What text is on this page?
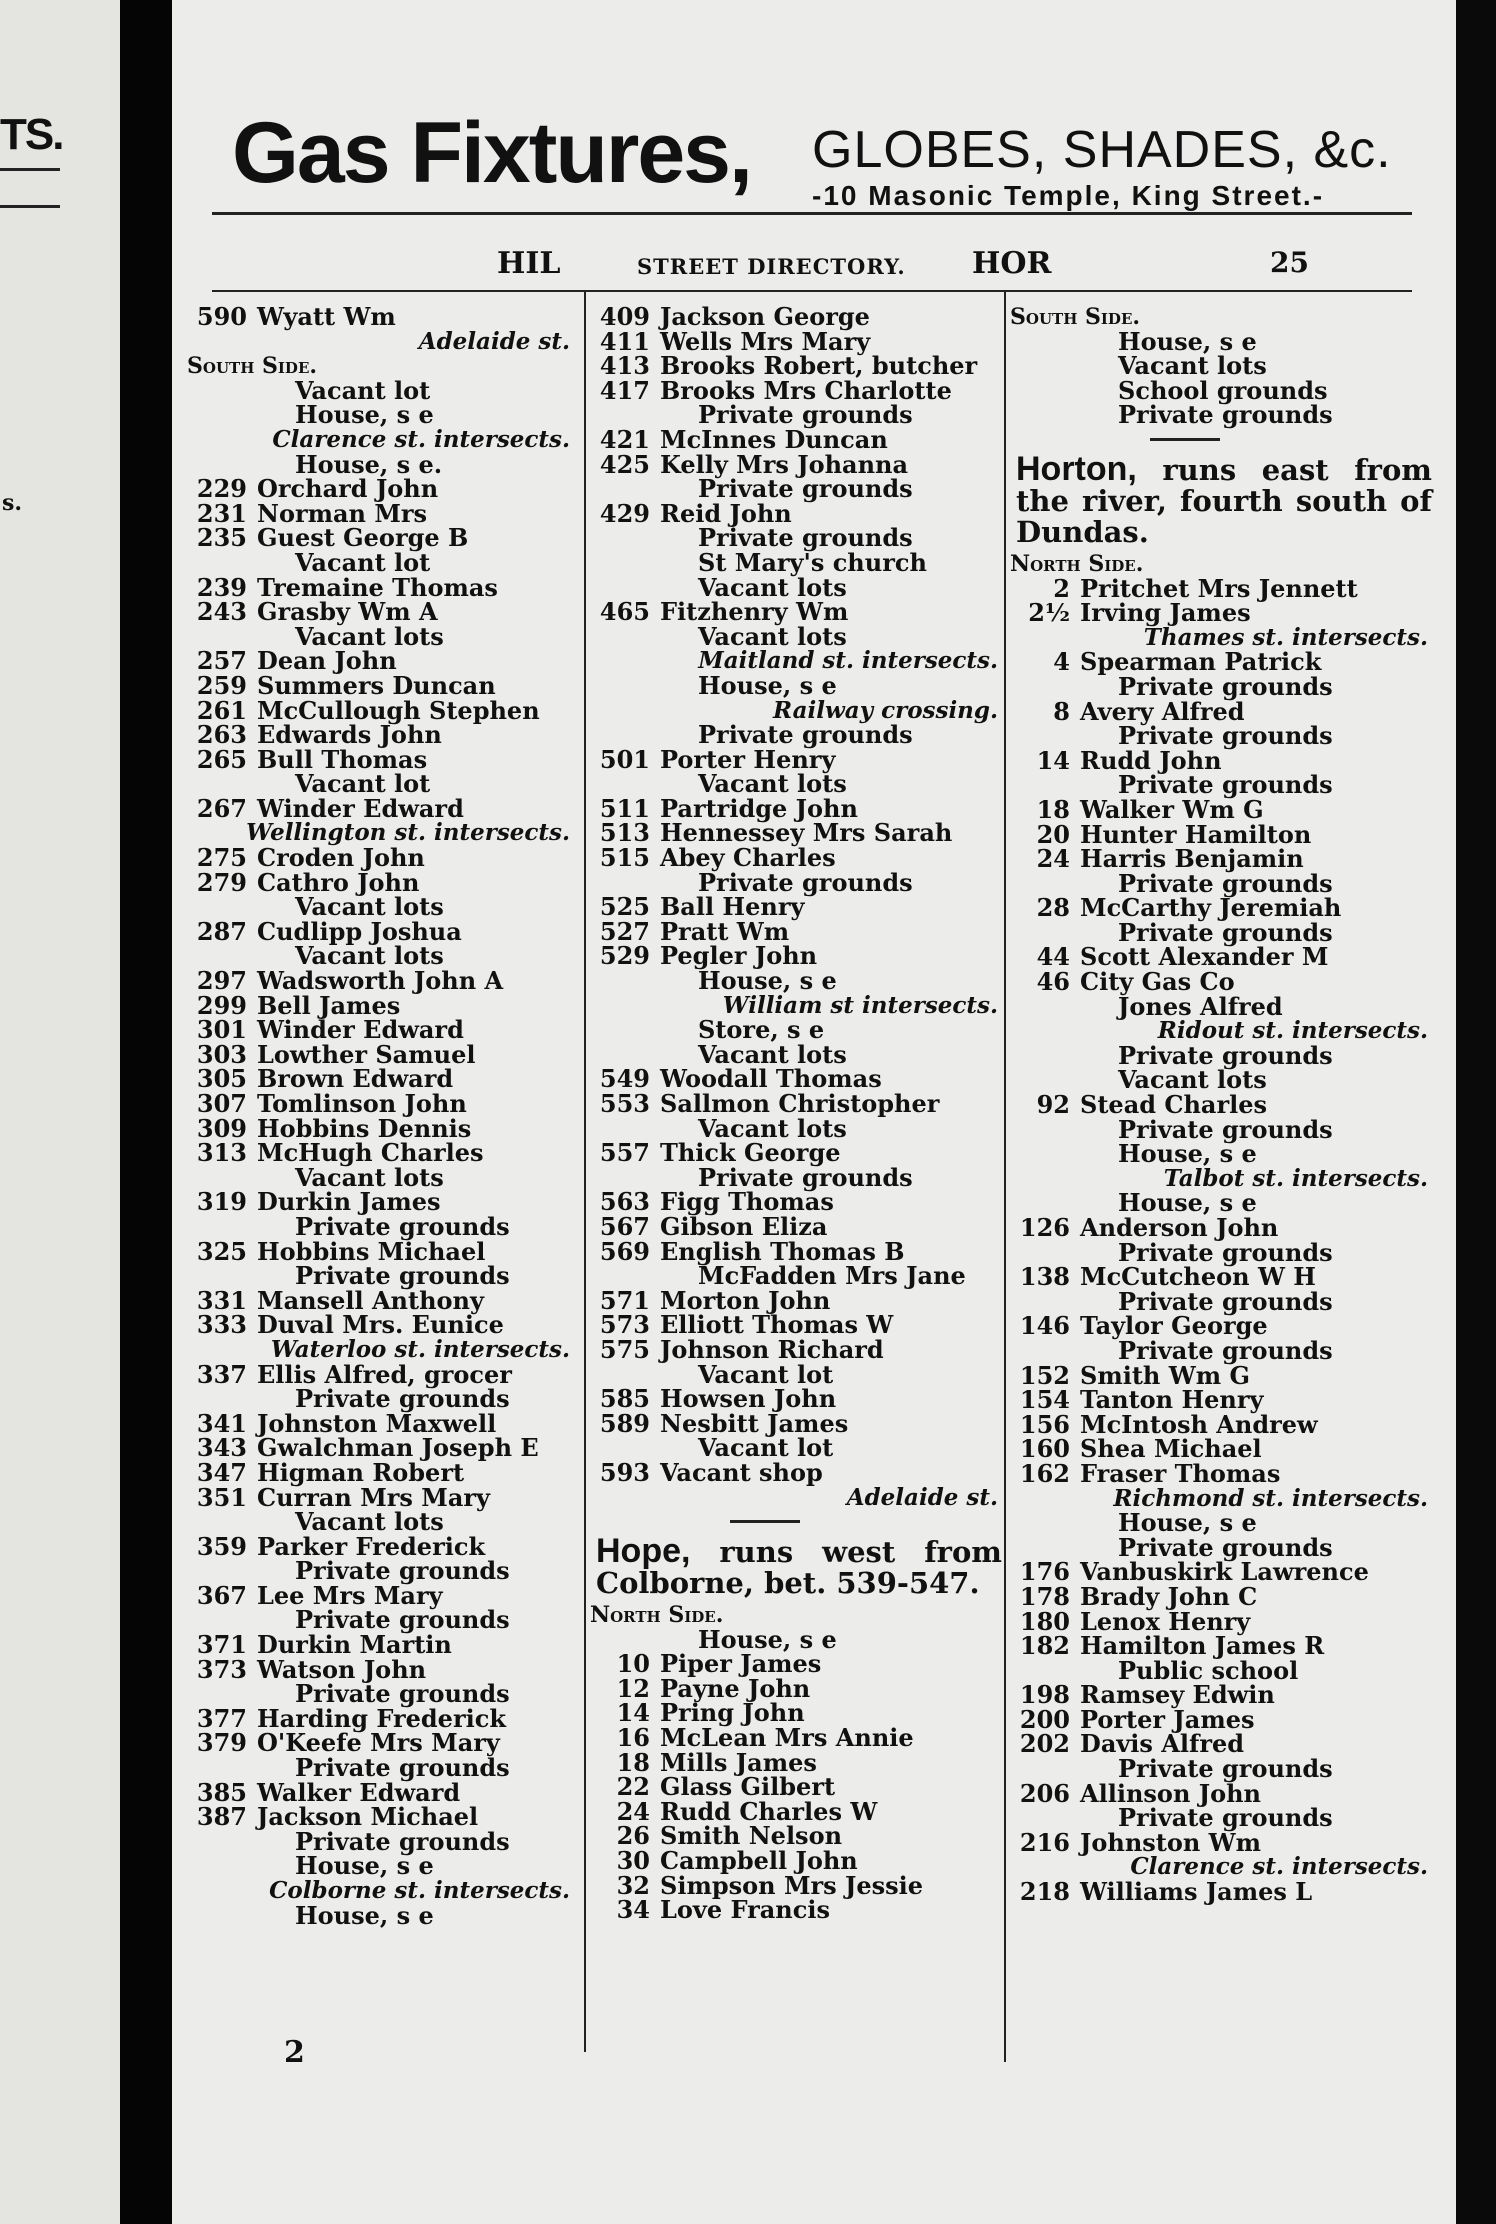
TS.
s.
Gas Fixtures, GLOBES, SHADES, &c.
-10 Masonic Temple, King Street.-
HIL	STREET DIRECTORY. HOR	25
590 Wyatt Wm
Adelaide st.
South Side.
Vacant lot
House, s e
Clarence st. intersects.
House, s e.
229 Orchard John
231 Norman Mrs
235 Guest George B
Vacant lot
239 Tremaine Thomas
243 Grasby Wm A
Vacant lots
257 Dean John
259 Summers Duncan
261 McCullough Stephen
263 Edwards John
265 Bull Thomas
Vacant lot
267 Winder Edward
Wellington st. intersects.
275 Croden John
279 Cathro John
Vacant lots
287 Cudlipp Joshua
Vacant lots
297 Wadsworth John A
299 Bell James
301 Winder Edward
303 Lowther Samuel
305 Brown Edward
307 Tomlinson John
309 Hobbins Dennis
313 McHugh Charles
Vacant lots
319 Durkin James
Private grounds
325 Hobbins Michael
Private grounds
331 Mansell Anthony
333 Duval Mrs. Eunice
Waterloo st. intersects.
337 Ellis Alfred, grocer
Private grounds
341 Johnston Maxwell
343 Gwalchman Joseph E
347 Higman Robert
351 Curran Mrs Mary
Vacant lots
359 Parker Frederick
Private grounds
367 Lee Mrs Mary
Private grounds
371 Durkin Martin
373 Watson John
Private grounds
377 Harding Frederick
379 O'Keefe Mrs Mary
Private grounds
385 Walker Edward
387 Jackson Michael
Private grounds
House, s e
Colborne st. intersects.
House, s e
409 Jackson George
411 Wells Mrs Mary
413 Brooks Robert, butcher
417 Brooks Mrs Charlotte
Private grounds
421 McInnes Duncan
425 Kelly Mrs Johanna
Private grounds
429 Reid John
Private grounds
St Mary's church
Vacant lots
465 Fitzhenry Wm
Vacant lots
Maitland st. intersects.
House, s e
Railway crossing.
Private grounds
501 Porter Henry
Vacant lots
511 Partridge John
513 Hennessey Mrs Sarah
515 Abey Charles
Private grounds
525 Ball Henry
527 Pratt Wm
529 Pegler John
House, s e
William st intersects.
Store, s e
Vacant lots
549 Woodall Thomas
553 Sallmon Christopher
Vacant lots
557 Thick George
Private grounds
563 Figg Thomas
567 Gibson Eliza
569 English Thomas B
McFadden Mrs Jane
571 Morton John
573 Elliott Thomas W
575 Johnson Richard
Vacant lot
585 Howsen John
589 Nesbitt James
Vacant lot
593 Vacant shop
Adelaide st.
Hope, runs west from Colborne, bet. 539-547.
North Side.
House, s e
10 Piper James
12 Payne John
14 Pring John
16 McLean Mrs Annie
18 Mills James
22 Glass Gilbert
24 Rudd Charles W
26 Smith Nelson
30 Campbell John
32 Simpson Mrs Jessie
34 Love Francis
South Side.
House, s e
Vacant lots
School grounds
Private grounds
Horton, runs east from the river, fourth south of Dundas.
North Side.
2 Pritchet Mrs Jennett
2½ Irving James
Thames st. intersects.
4 Spearman Patrick
Private grounds
8 Avery Alfred
Private grounds
14 Rudd John
Private grounds
18 Walker Wm G
20 Hunter Hamilton
24 Harris Benjamin
Private grounds
28 McCarthy Jeremiah
Private grounds
44 Scott Alexander M
46 City Gas Co
Jones Alfred
Ridout st. intersects.
Private grounds
Vacant lots
92 Stead Charles
Private grounds
House, s e
Talbot st. intersects.
House, s e
126 Anderson John
Private grounds
138 McCutcheon W H
Private grounds
146 Taylor George
Private grounds
152 Smith Wm G
154 Tanton Henry
156 McIntosh Andrew
160 Shea Michael
162 Fraser Thomas
Richmond st. intersects.
House, s e
Private grounds
176 Vanbuskirk Lawrence
178 Brady John C
180 Lenox Henry
182 Hamilton James R
Public school
198 Ramsey Edwin
200 Porter James
202 Davis Alfred
Private grounds
206 Allinson John
Private grounds
216 Johnston Wm
Clarence st. intersects.
218 Williams James L
2
